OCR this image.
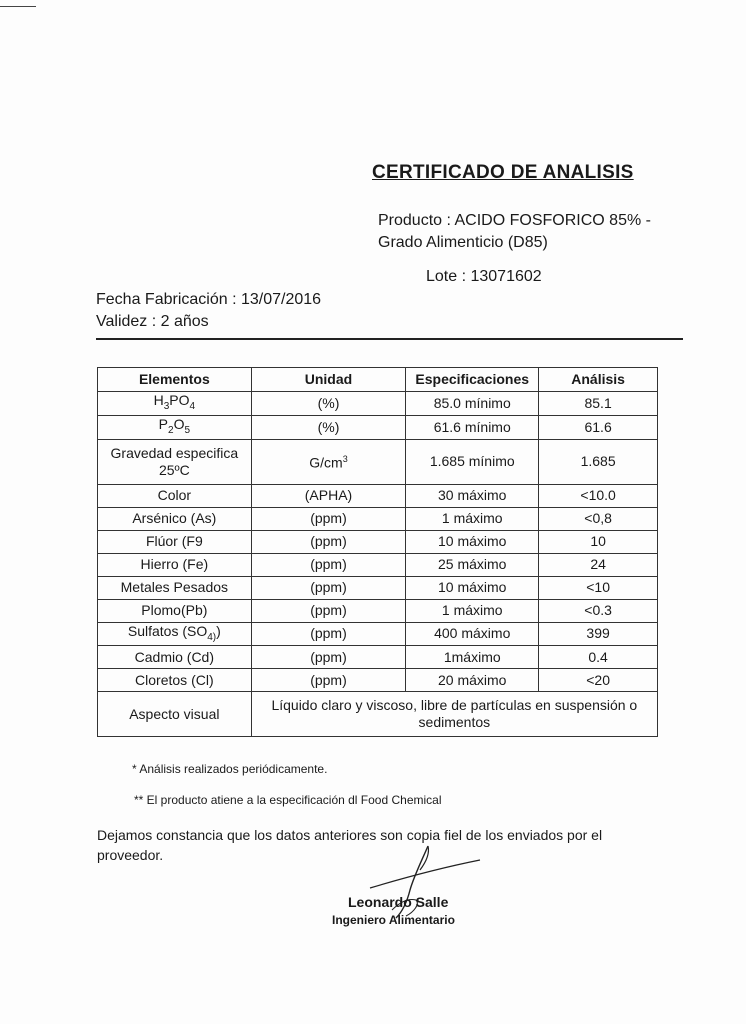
CERTIFICADO DE ANALISIS
Producto : ACIDO FOSFORICO 85% -
Grado Alimenticio (D85)
Lote : 13071602
Fecha Fabricación : 13/07/2016
Validez : 2 años
Elementos	Unidad	Especificaciones	Análisis
$H_3PO_4$	(%)	85.0 mínimo	85.1
$P_2O_5$	(%)	61.6 mínimo	61.6

Gravedad especifica
25ºC	$G/cm^3$	1.685 mínimo	1.685
Color	(APHA)	30 máximo	<10.0
Arsénico (As)	(ppm)	1 máximo	<0,8
Flúor (F9	(ppm)	10 máximo	10
Hierro (Fe)	(ppm)	25 máximo	24
Metales Pesados	(ppm)	10 máximo	<10
Plomo(Pb)	(ppm)	1 máximo	<0.3
Sulfatos $(SO_{4)})$	(ppm)	400 máximo	399
Cadmio (Cd)	(ppm)	1máximo	0.4
Cloretos (Cl)	(ppm)	20 máximo	<20
Aspecto visual	Líquido claro y viscoso, libre de partículas en suspensión o
sedimentos		

* Análisis realizados periódicamente.

** El producto atiene a la especificación dl Food Chemical

Dejamos constancia que los datos anteriores son copia fiel de los enviados por el proveedor.

Leonardo Salle
Ingeniero Alimentario
